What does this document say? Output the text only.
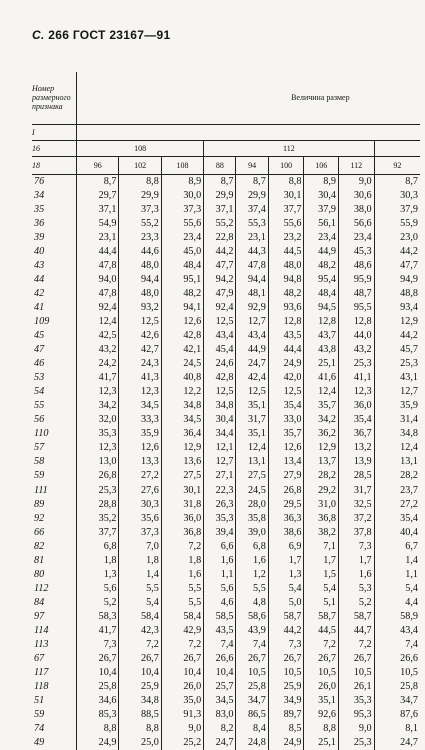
С. 266 ГОСТ 23167—91
Номер размерного признака	Величина размер								
I									
16	108			112					
18	96	102	108	88	94	100	106	112	92
76	8,7	8,8	8,9	8,7	8,7	8,8	8,9	9,0	8,7
34	29,7	29,9	30,0	29,9	29,9	30,1	30,4	30,6	30,3
35	37,1	37,3	37,3	37,1	37,4	37,7	37,9	38,0	37,9
36	54,9	55,2	55,6	55,2	55,3	55,6	56,1	56,6	55,9
39	23,1	23,3	23,4	22,8	23,1	23,2	23,4	23,4	23,0
40	44,4	44,6	45,0	44,2	44,3	44,5	44,9	45,3	44,2
43	47,8	48,0	48,4	47,7	47,8	48,0	48,2	48,6	47,7
44	94,0	94,4	95,1	94,2	94,4	94,8	95,4	95,9	94,9
42	47,8	48,0	48,2	47,9	48,1	48,2	48,4	48,7	48,8
41	92,4	93,2	94,1	92,4	92,9	93,6	94,5	95,5	93,4
109	12,4	12,5	12,6	12,5	12,7	12,8	12,8	12,8	12,9
45	42,5	42,6	42,8	43,4	43,4	43,5	43,7	44,0	44,2
47	43,2	42,7	42,1	45,4	44,9	44,4	43,8	43,2	45,7
46	24,2	24,3	24,5	24,6	24,7	24,9	25,1	25,3	25,3
53	41,7	41,3	40,8	42,8	42,4	42,0	41,6	41,1	43,1
54	12,3	12,3	12,2	12,5	12,5	12,5	12,4	12,3	12,7
55	34,2	34,5	34,8	34,8	35,1	35,4	35,7	36,0	35,9
56	32,0	33,3	34,5	30,4	31,7	33,0	34,2	35,4	31,4
110	35,3	35,9	36,4	34,4	35,1	35,7	36,2	36,7	34,8
57	12,3	12,6	12,9	12,1	12,4	12,6	12,9	13,2	12,4
58	13,0	13,3	13,6	12,7	13,1	13,4	13,7	13,9	13,1
59	26,8	27,2	27,5	27,1	27,5	27,9	28,2	28,5	28,2
111	25,3	27,6	30,1	22,3	24,5	26,8	29,2	31,7	23,7
89	28,8	30,3	31,8	26,3	28,0	29,5	31,0	32,5	27,2
92	35,2	35,6	36,0	35,3	35,8	36,3	36,8	37,2	35,4
66	37,7	37,3	36,8	39,4	39,0	38,6	38,2	37,8	40,4
82	6,8	7,0	7,2	6,6	6,8	6,9	7,1	7,3	6,7
81	1,8	1,8	1,8	1,6	1,6	1,7	1,7	1,7	1,4
80	1,3	1,4	1,6	1,1	1,2	1,3	1,5	1,6	1,1
112	5,6	5,5	5,5	5,6	5,5	5,4	5,4	5,3	5,4
84	5,2	5,4	5,5	4,6	4,8	5,0	5,1	5,2	4,4
97	58,3	58,4	58,4	58,5	58,6	58,7	58,7	58,7	58,9
114	41,7	42,3	42,9	43,5	43,9	44,2	44,5	44,7	43,4
113	7,3	7,2	7,2	7,4	7,4	7,3	7,2	7,2	7,4
67	26,7	26,7	26,7	26,6	26,7	26,7	26,7	26,7	26,6
117	10,4	10,4	10,4	10,4	10,5	10,5	10,5	10,5	10,5
118	25,8	25,9	26,0	25,7	25,8	25,9	26,0	26,1	25,8
51	34,6	34,8	35,0	34,5	34,7	34,9	35,1	35,3	34,7
59	85,3	88,5	91,3	83,0	86,5	89,7	92,6	95,3	87,6
74	8,8	8,8	9,0	8,2	8,4	8,5	8,8	9,0	8,1
49	24,9	25,0	25,2	24,7	24,8	24,9	25,1	25,3	24,7
